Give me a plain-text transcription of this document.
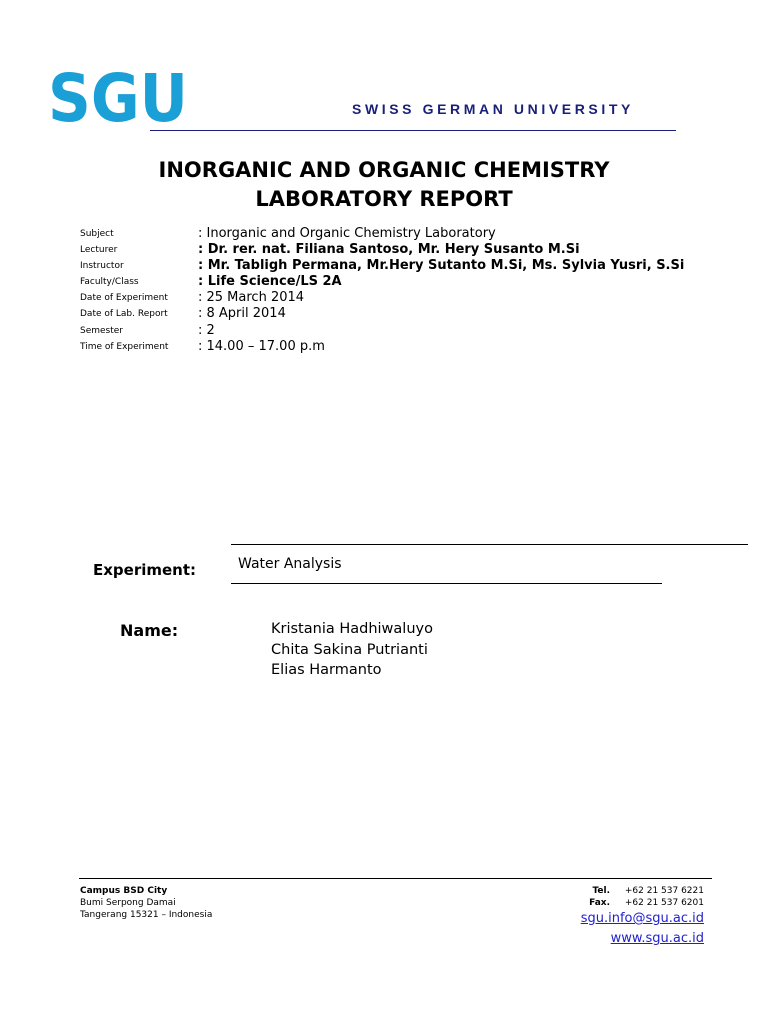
SGU	SWISS GERMAN UNIVERSITY
INORGANIC AND ORGANIC CHEMISTRY
LABORATORY REPORT
Subject	: Inorganic and Organic Chemistry Laboratory
Lecturer	: Dr. rer. nat. Filiana Santoso, Mr. Hery Susanto M.Si
Instructor	: Mr. Tabligh Permana, Mr.Hery Sutanto M.Si, Ms. Sylvia Yusri, S.Si
Faculty/Class	: Life Science/LS 2A
Date of Experiment : 25 March 2014
Date of Lab. Report : 8 April 2014
Semester	: 2
Time of Experiment : 14.00 – 17.00 p.m
Experiment:	Water Analysis
Name:	Kristania Hadhiwaluyo
Chita Sakina Putrianti
Elias Harmanto
Campus BSD City
Bumi Serpong Damai
Tangerang 15321 – Indonesia
Tel. +62 21 537 6221
Fax. +62 21 537 6201
sgu.info@sgu.ac.id
www.sgu.ac.id
